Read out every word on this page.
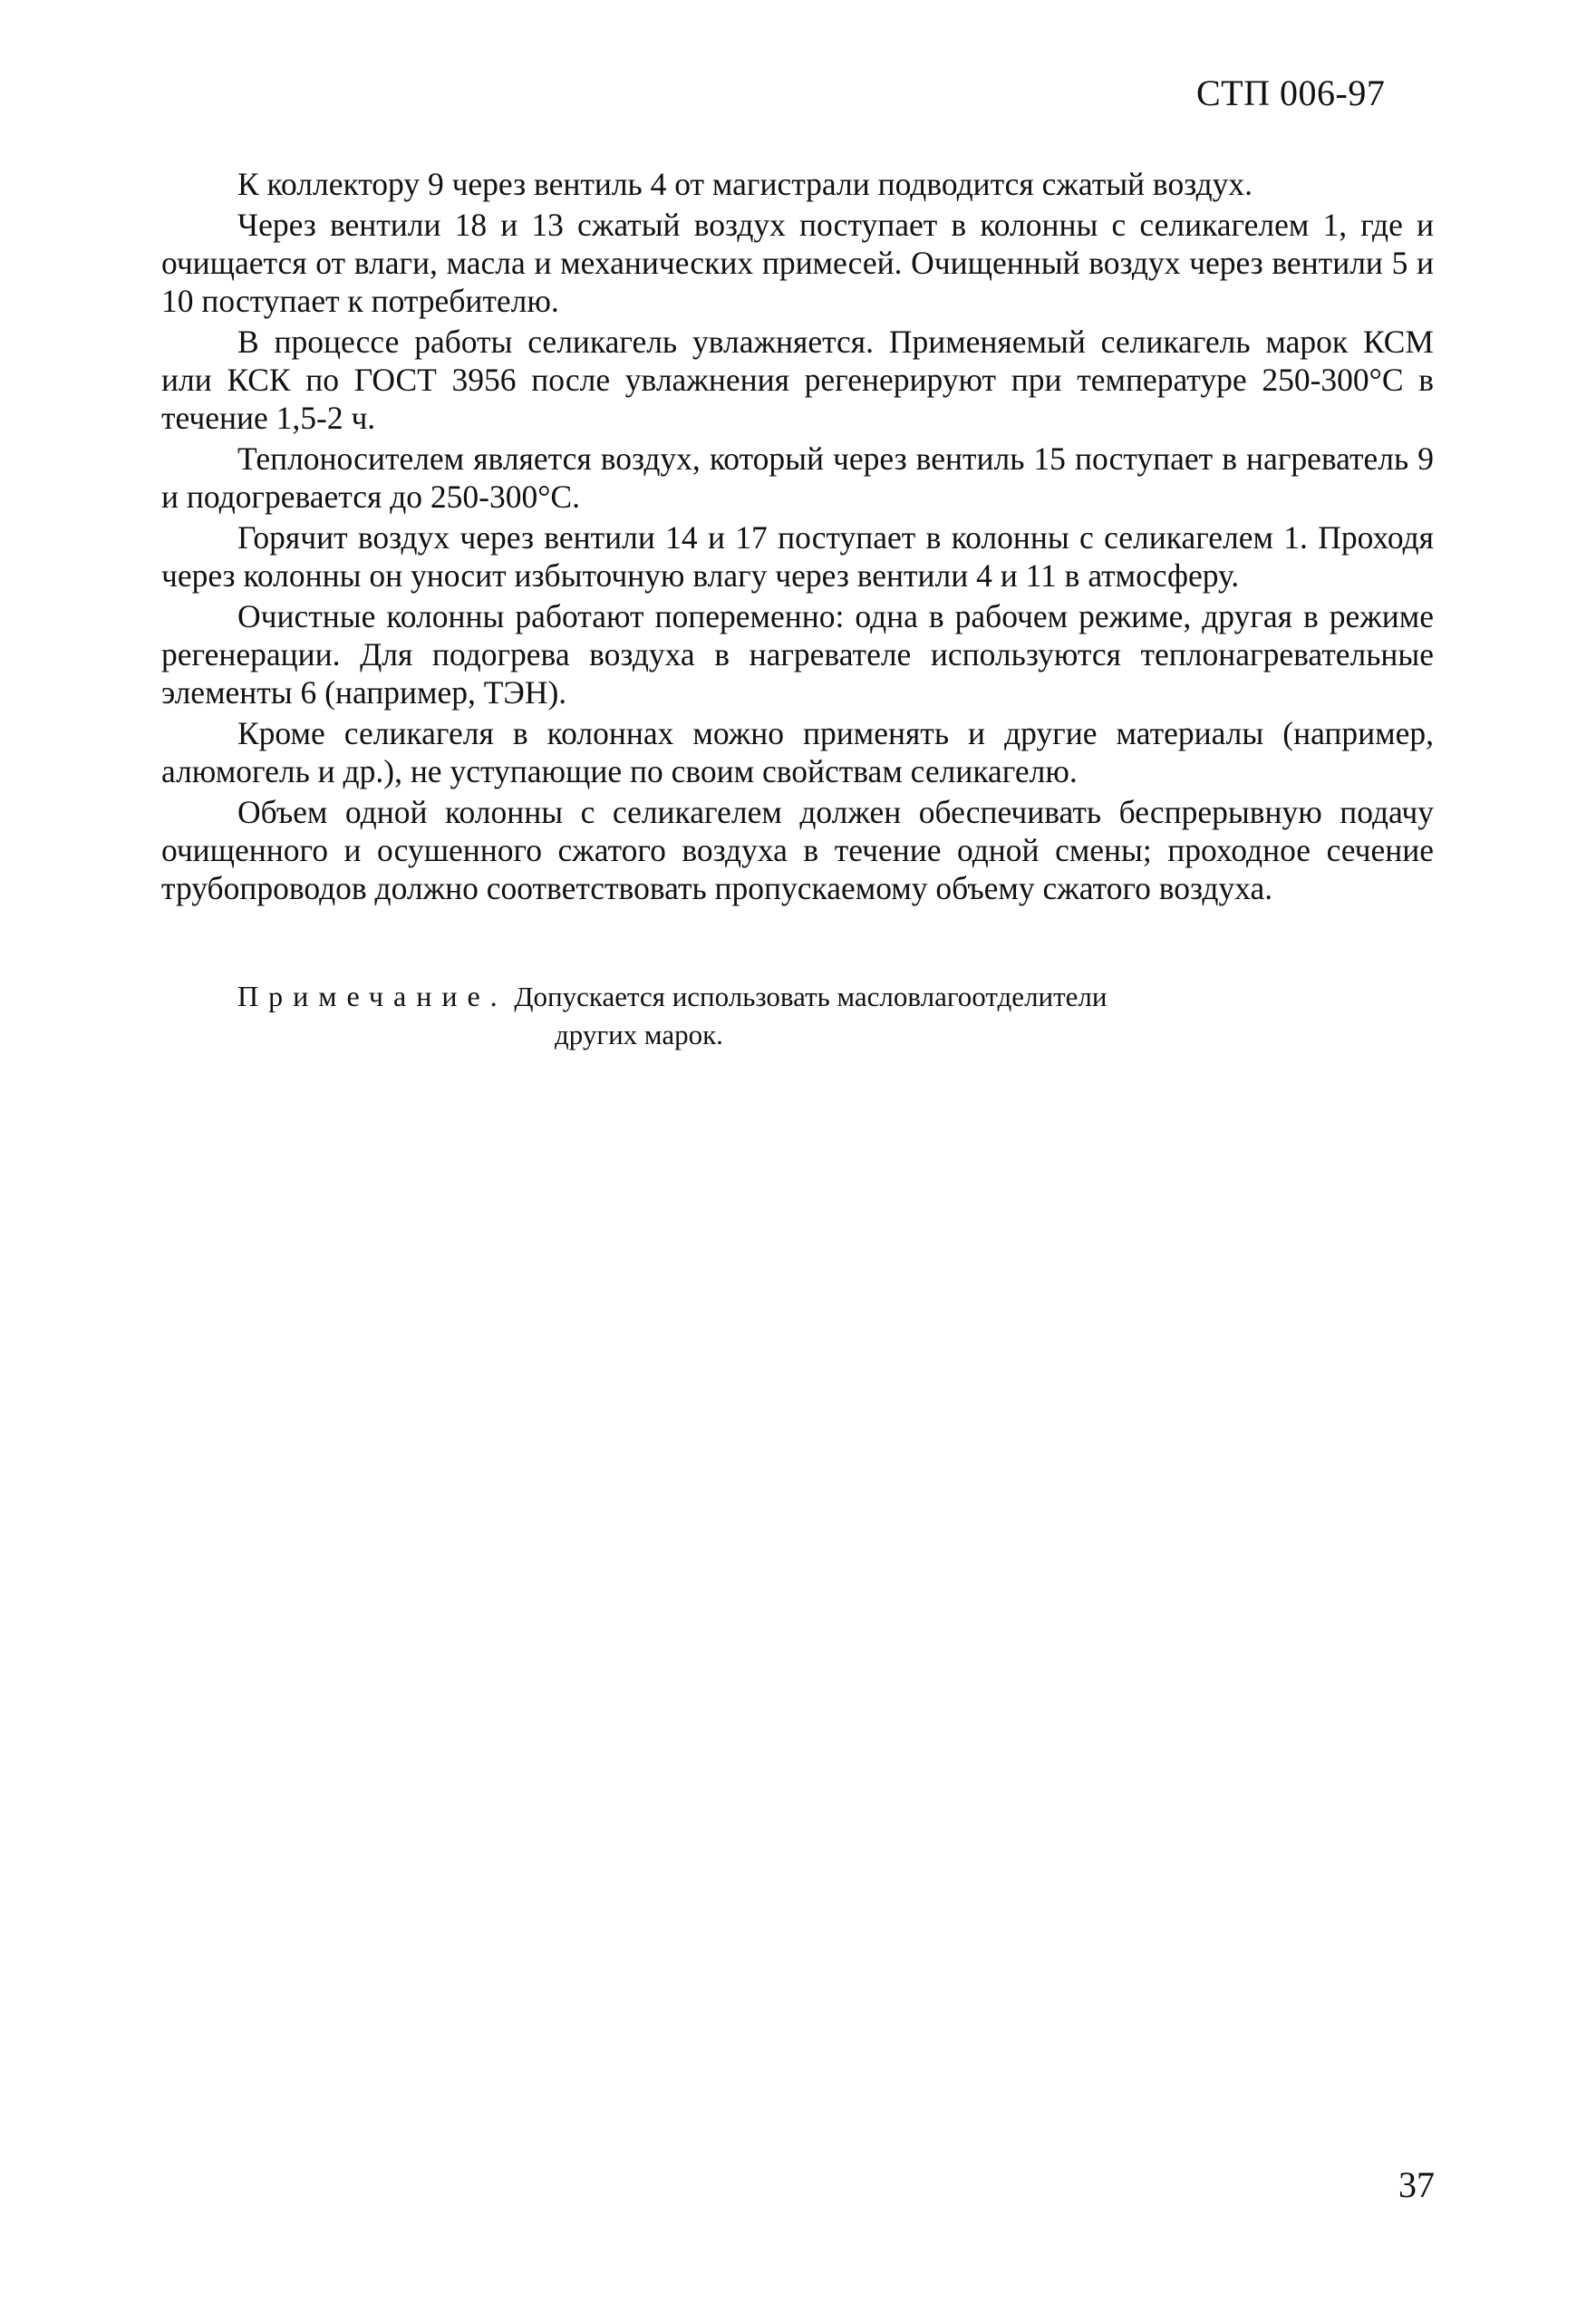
СТП 006-97

К коллектору 9 через вентиль 4 от магистрали подводится сжатый воздух.

Через вентили 18 и 13 сжатый воздух поступает в колонны с селикагелем 1, где и очищается от влаги, масла и механических примесей. Очищенный воздух через вентили 5 и 10 поступает к потребителю.

В процессе работы селикагель увлажняется. Применяемый селикагель марок КСМ или КСК по ГОСТ 3956 после увлажнения регенерируют при температуре 250-300°С в течение 1,5-2 ч.

Теплоносителем является воздух, который через вентиль 15 поступает в нагреватель 9 и подогревается до 250-300°С.

Горячит воздух через вентили 14 и 17 поступает в колонны с селикагелем 1. Проходя через колонны он уносит избыточную влагу через вентили 4 и 11 в атмосферу.

Очистные колонны работают попеременно: одна в рабочем режиме, другая в режиме регенерации. Для подогрева воздуха в нагревателе используются теплонагревательные элементы 6 (например, ТЭН).

Кроме селикагеля в колоннах можно применять и другие материалы (например, алюмогель и др.), не уступающие по своим свойствам селикагелю.

Объем одной колонны с селикагелем должен обеспечивать беспрерывную подачу очищенного и осушенного сжатого воздуха в течение одной смены; проходное сечение трубопроводов должно соответствовать пропускаемому объему сжатого воздуха.

Примечание. Допускается использовать масловлагоотделители
других марок.
37
